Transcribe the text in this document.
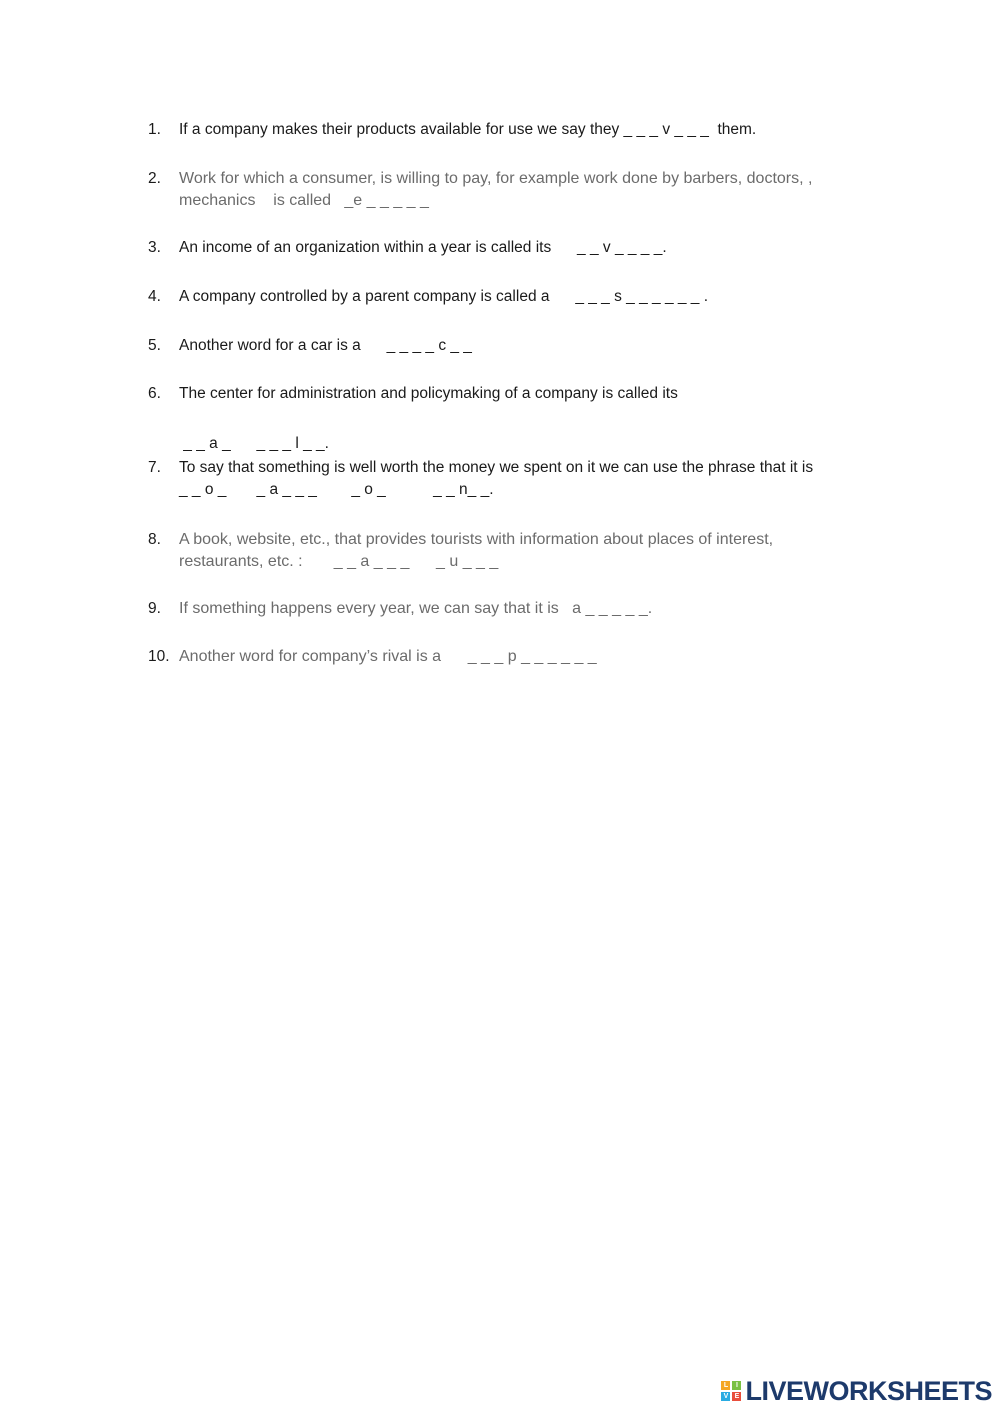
1.	If a company makes their products available for use we say they _ _ _ v _ _ _  them.
2.	Work for which a consumer, is willing to pay, for example work done by barbers, doctors, ,
mechanics    is called   _e _ _ _ _ _
3.	An income of an organization within a year is called its      _ _ v _ _ _ _.
4.	A company controlled by a parent company is called a      _ _ _ s _ _ _ _ _ _ .
5.	Another word for a car is a      _ _ _ _ c _ _
6.	The center for administration and policymaking of a company is called its
_ _ a _      _ _ _ l _ _.
7.	To say that something is well worth the money we spent on it we can use the phrase that it is
_ _ o _       _ a _ _ _        _ o _           _ _ n_ _.
8.	A book, website, etc., that provides tourists with information about places of interest,
restaurants, etc. :       _ _ a _ _ _      _ u _ _ _
9.	If something happens every year, we can say that it is   a _ _ _ _ _.
10. Another word for company’s rival is a      _ _ _ p _ _ _ _ _ _
L	I
V E LIVEWORKSHEETS
